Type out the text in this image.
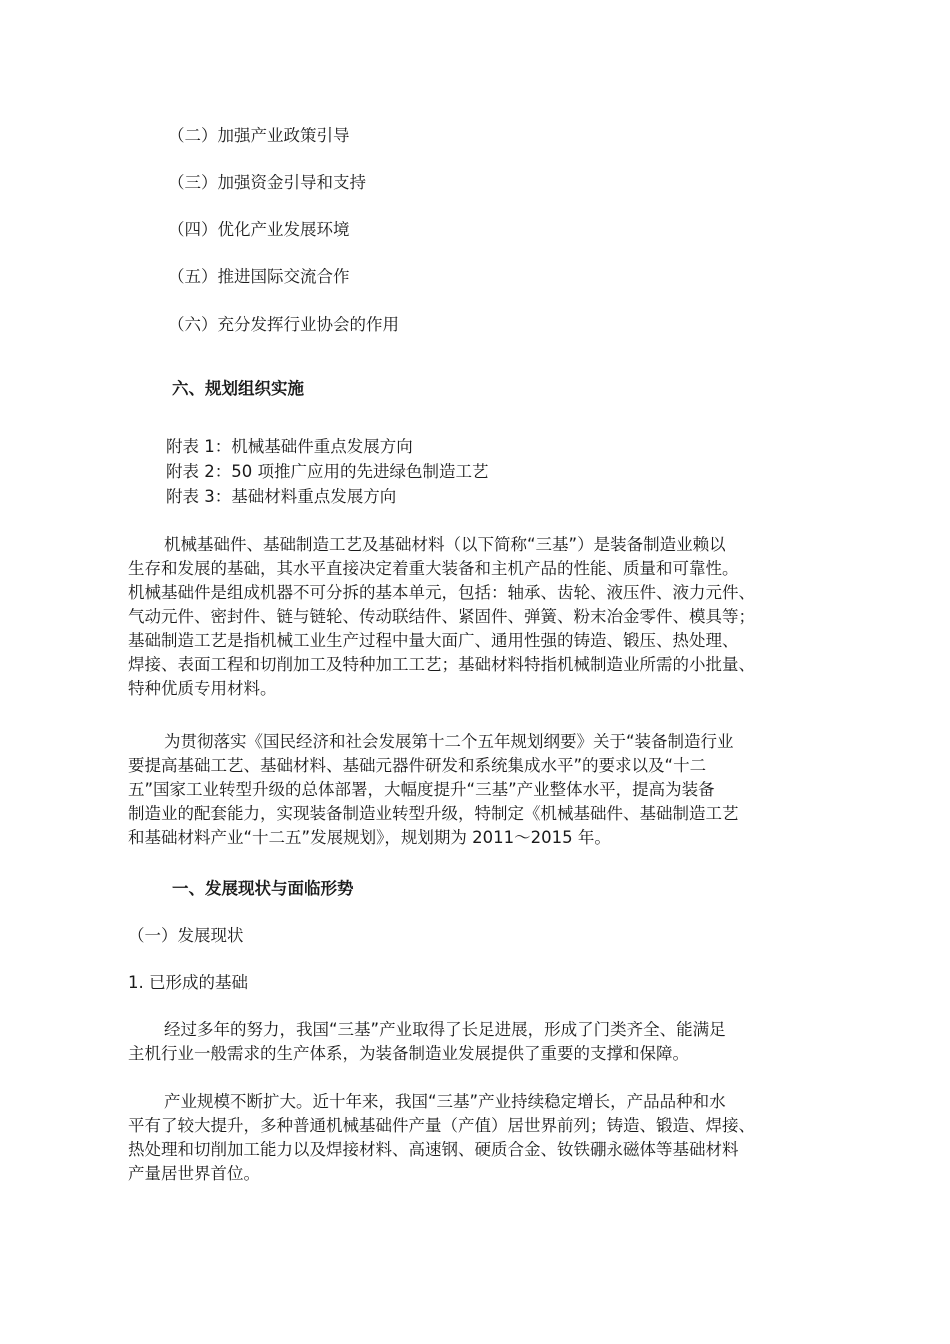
（二）加强产业政策引导
（三）加强资金引导和支持
（四）优化产业发展环境
（五）推进国际交流合作
（六）充分发挥行业协会的作用
六、规划组织实施
附表 1：机械基础件重点发展方向
附表 2：50 项推广应用的先进绿色制造工艺
附表 3：基础材料重点发展方向
机械基础件、基础制造工艺及基础材料（以下简称“三基”）是装备制造业赖以
生存和发展的基础，其水平直接决定着重大装备和主机产品的性能、质量和可靠性。
机械基础件是组成机器不可分拆的基本单元，包括：轴承、齿轮、液压件、液力元件、
气动元件、密封件、链与链轮、传动联结件、紧固件、弹簧、粉末冶金零件、模具等；
基础制造工艺是指机械工业生产过程中量大面广、通用性强的铸造、锻压、热处理、
焊接、表面工程和切削加工及特种加工工艺；基础材料特指机械制造业所需的小批量、
特种优质专用材料。
为贯彻落实《国民经济和社会发展第十二个五年规划纲要》关于“装备制造行业
要提高基础工艺、基础材料、基础元器件研发和系统集成水平”的要求以及“十二
五”国家工业转型升级的总体部署，大幅度提升“三基”产业整体水平，提高为装备
制造业的配套能力，实现装备制造业转型升级，特制定《机械基础件、基础制造工艺
和基础材料产业“十二五”发展规划》，规划期为 2011～2015 年。
一、发展现状与面临形势
（一）发展现状
1. 已形成的基础
经过多年的努力，我国“三基”产业取得了长足进展，形成了门类齐全、能满足
主机行业一般需求的生产体系，为装备制造业发展提供了重要的支撑和保障。
产业规模不断扩大。近十年来，我国“三基”产业持续稳定增长，产品品种和水
平有了较大提升，多种普通机械基础件产量（产值）居世界前列；铸造、锻造、焊接、
热处理和切削加工能力以及焊接材料、高速钢、硬质合金、钕铁硼永磁体等基础材料
产量居世界首位。
